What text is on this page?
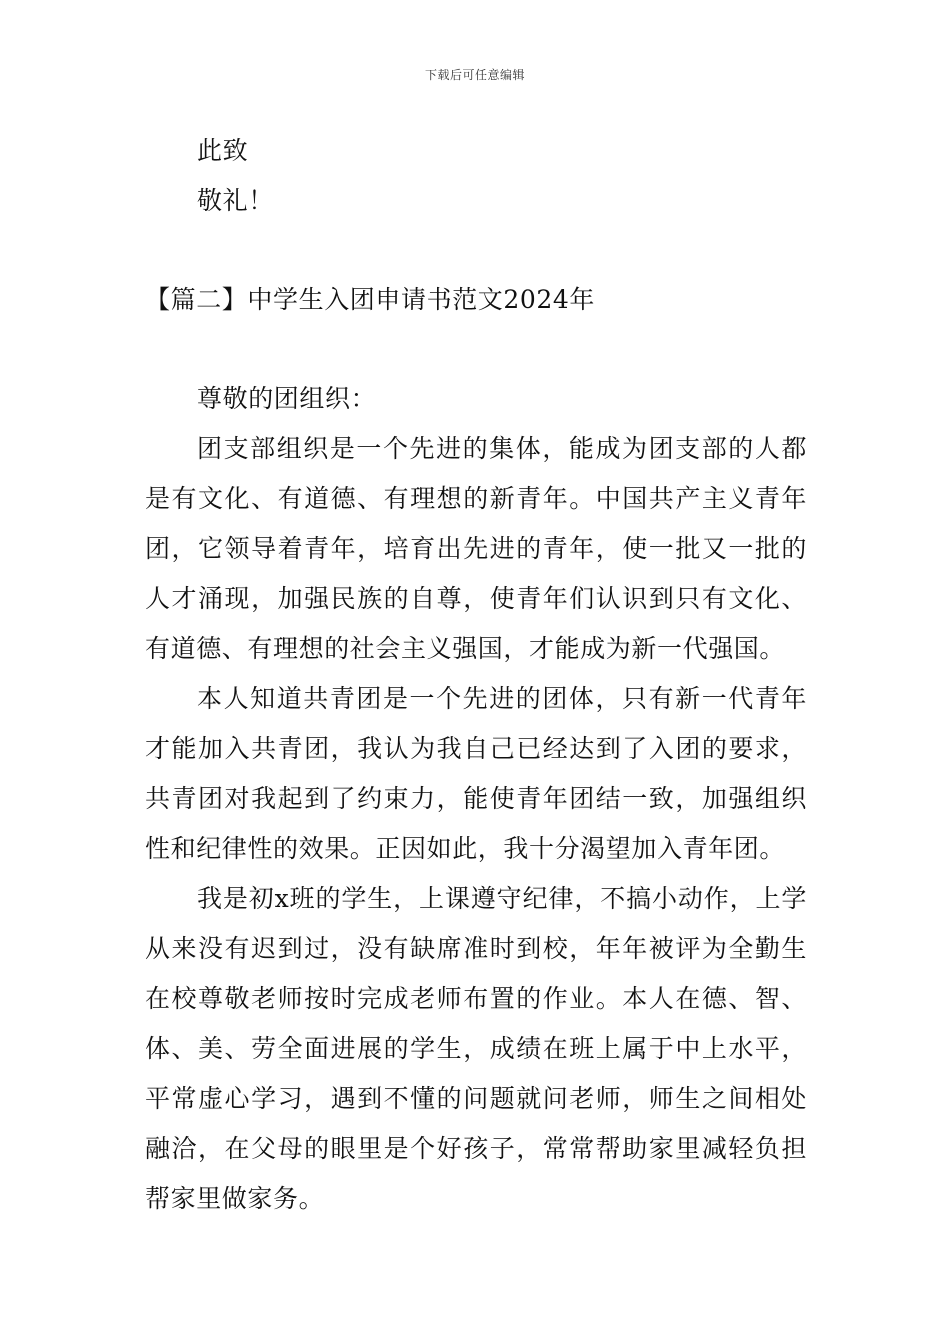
下载后可任意编辑

此致

敬礼！

【篇二】中学生入团申请书范文2024年

尊敬的团组织：

团支部组织是一个先进的集体，能成为团支部的人都是有文化、有道德、有理想的新青年。中国共产主义青年团，它领导着青年，培育出先进的青年，使一批又一批的人才涌现，加强民族的自尊，使青年们认识到只有文化、有道德、有理想的社会主义强国，才能成为新一代强国。

本人知道共青团是一个先进的团体，只有新一代青年才能加入共青团，我认为我自己已经达到了入团的要求，共青团对我起到了约束力，能使青年团结一致，加强组织性和纪律性的效果。正因如此，我十分渴望加入青年团。

我是初x班的学生，上课遵守纪律，不搞小动作，上学从来没有迟到过，没有缺席准时到校，年年被评为全勤生在校尊敬老师按时完成老师布置的作业。本人在德、智、体、美、劳全面进展的学生，成绩在班上属于中上水平，平常虚心学习，遇到不懂的问题就问老师，师生之间相处融洽，在父母的眼里是个好孩子，常常帮助家里减轻负担帮家里做家务。
